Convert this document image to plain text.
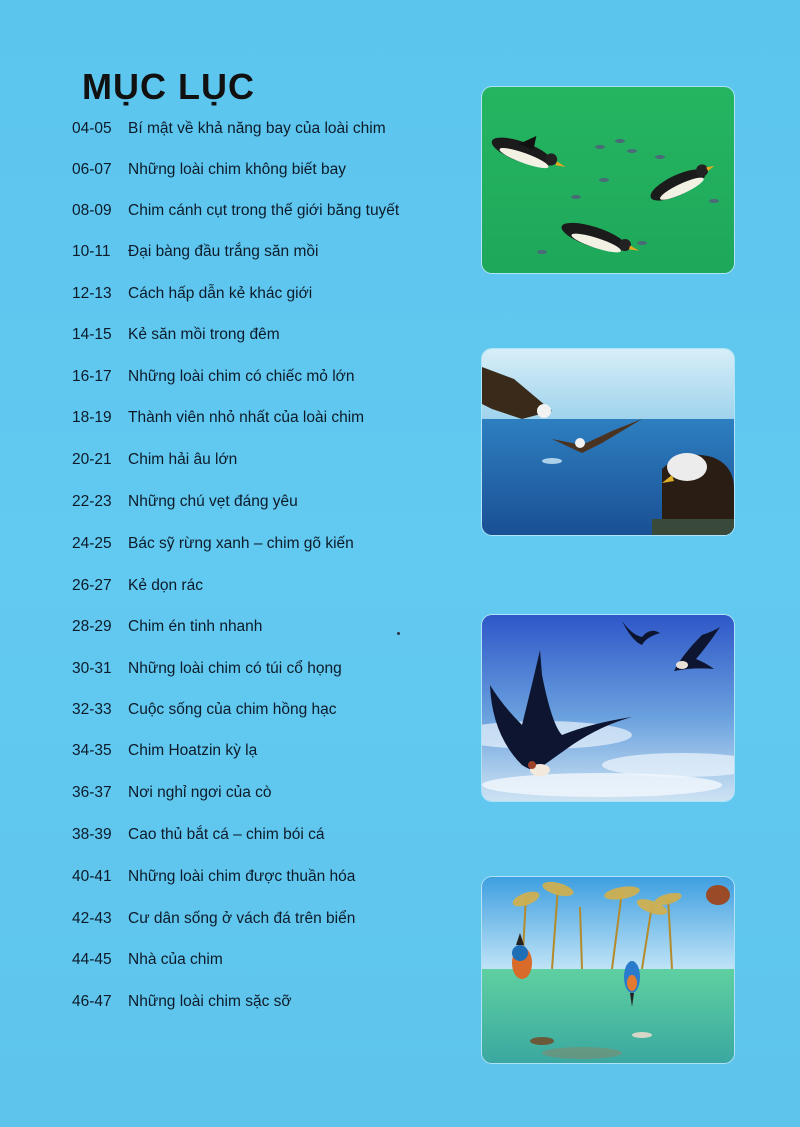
MỤC LỤC
04-05 Bí mật về khả năng bay của loài chim
06-07 Những loài chim không biết bay
08-09 Chim cánh cụt trong thế giới băng tuyết
10-11 Đại bàng đầu trắng săn mồi
12-13 Cách hấp dẫn kẻ khác giới
14-15 Kẻ săn mồi trong đêm
16-17 Những loài chim có chiếc mỏ lớn
18-19 Thành viên nhỏ nhất của loài chim
20-21 Chim hải âu lớn
22-23 Những chú vẹt đáng yêu
24-25 Bác sỹ rừng xanh – chim gõ kiến
26-27 Kẻ dọn rác
28-29 Chim én tinh nhanh
30-31 Những loài chim có túi cổ họng
32-33 Cuộc sống của chim hồng hạc
34-35 Chim Hoatzin kỳ lạ
36-37 Nơi nghỉ ngơi của cò
38-39 Cao thủ bắt cá – chim bói cá
40-41 Những loài chim được thuần hóa
42-43 Cư dân sống ở vách đá trên biển
44-45 Nhà của chim
46-47 Những loài chim sặc sỡ
